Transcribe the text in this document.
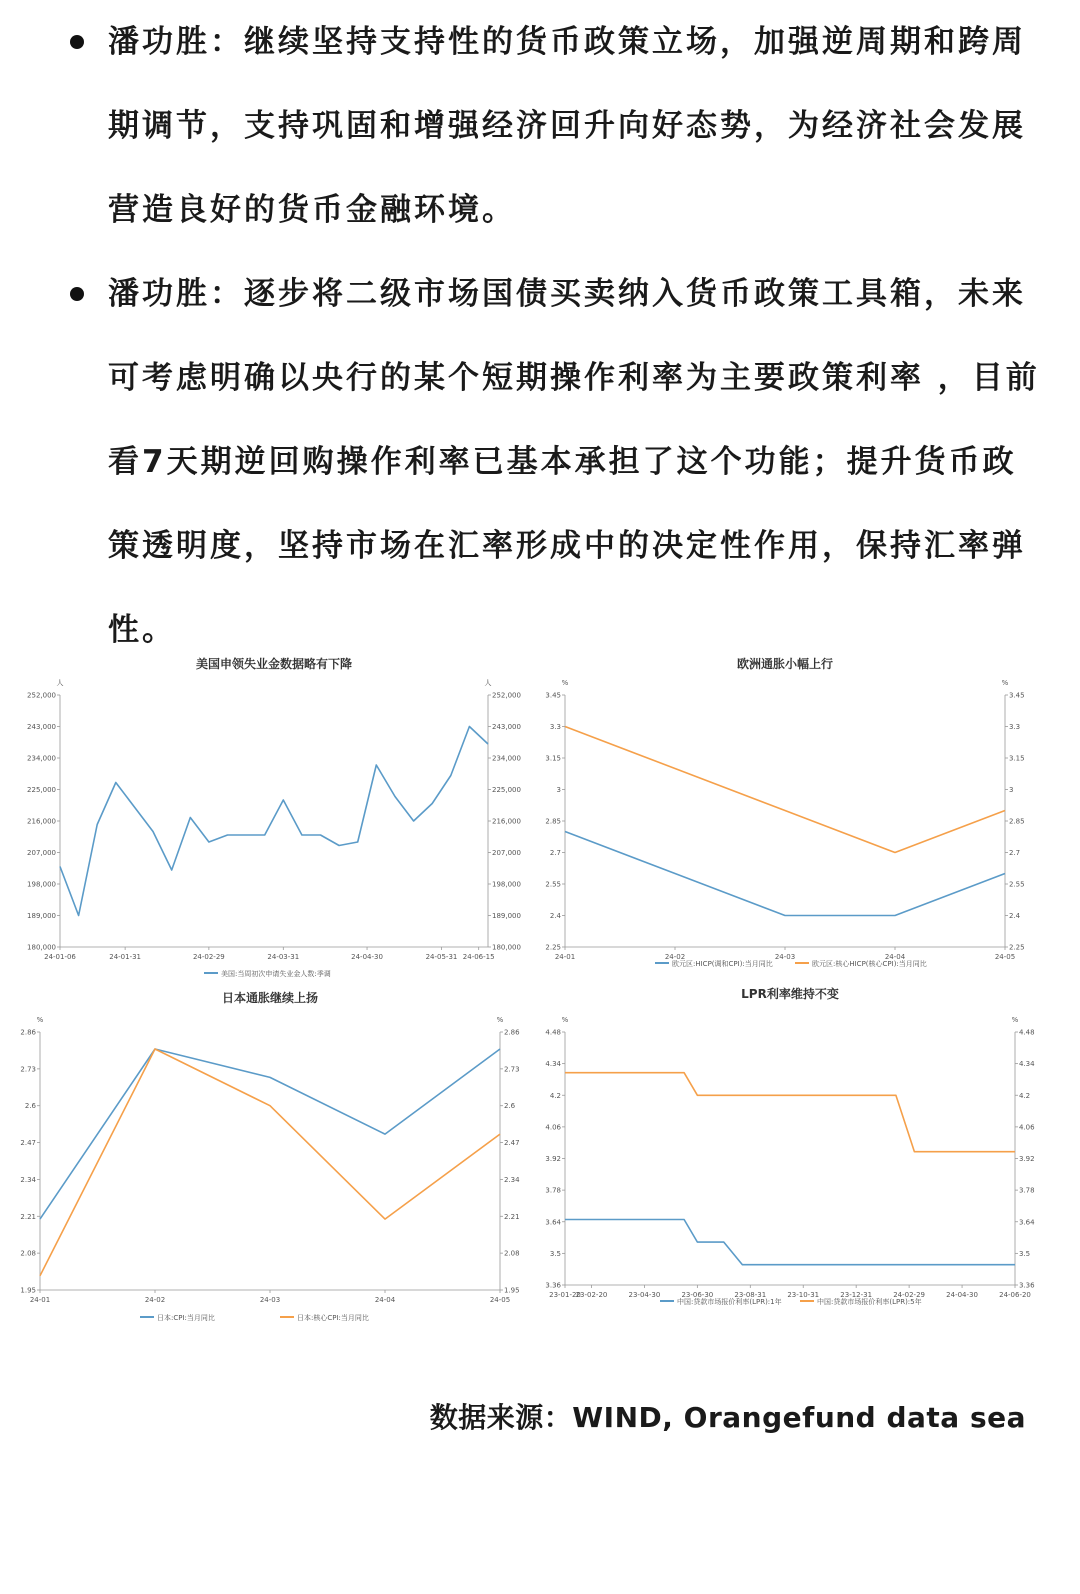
潘功胜：继续坚持支持性的货币政策立场，加强逆周期和跨周期调节，支持巩固和增强经济回升向好态势，为经济社会发展营造良好的货币金融环境。
潘功胜：逐步将二级市场国债买卖纳入货币政策工具箱，未来可考虑明确以央行的某个短期操作利率为主要政策利率 ，目前看7天期逆回购操作利率已基本承担了这个功能；提升货币政策透明度，坚持市场在汇率形成中的决定性作用，保持汇率弹性。
美国申领失业金数据略有下降
人	人
180,000	180,000
189,000	189,000
198,000	198,000
207,000	207,000
216,000	216,000
225,000	225,000
234,000	234,000
243,000	243,000
252,000	252,000
24-01-06	24-01-31	24-02-29	24-03-31	24-04-30	24-05-31 24-06-15
美国:当周初次申请失业金人数:季调
欧洲通胀小幅上行
%	%
2.25	2.25
2.4	2.4
2.55	2.55
2.7	2.7
2.85	2.85
3	3
3.15	3.15
3.3	3.3
3.45	3.45
24-01	24-02	24-03	24-04	24-05
欧元区:HICP(调和CPI):当月同比	欧元区:核心HICP(核心CPI):当月同比
日本通胀继续上扬
%	%
1.95	1.95
2.08	2.08
2.21	2.21
2.34	2.34
2.47	2.47
2.6	2.6
2.73	2.73
2.86	2.86
24-01	24-02	24-03	24-04	24-05
日本:CPI:当月同比	日本:核心CPI:当月同比
LPR利率维持不变
%	%
3.36	3.36
3.5	3.5
3.64	3.64
3.78	3.78
3.92	3.92
4.06	4.06
4.2	4.2
4.34	4.34
4.48	4.48
23-01-20
23-02-20	23-04-30	23-06-30	23-08-31	23-10-31	23-12-31	24-02-29	24-04-30	24-06-20
中国:贷款市场报价利率(LPR):1年	中国:贷款市场报价利率(LPR):5年
数据来源：WIND, Orangefund data sea
